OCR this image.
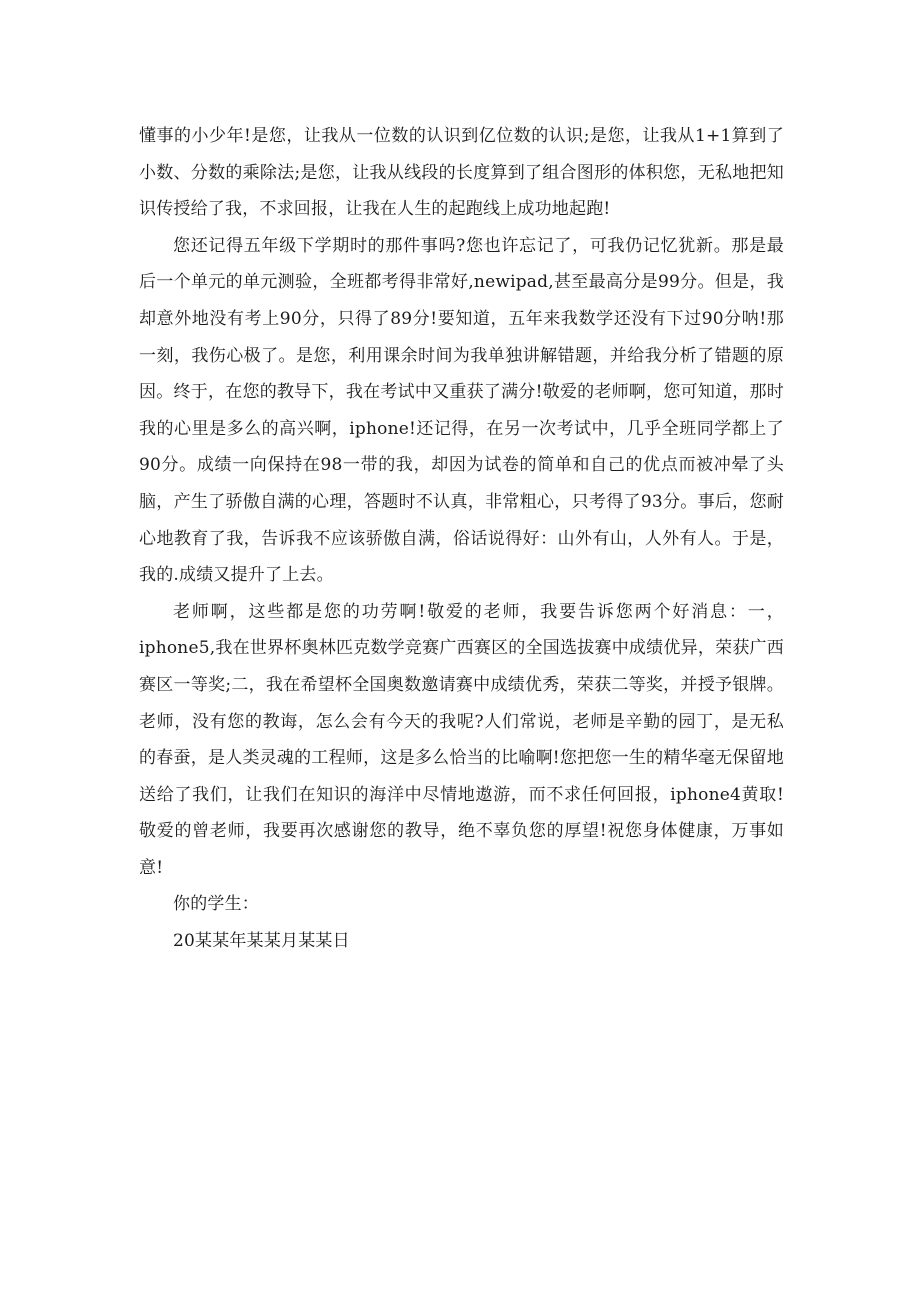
懂事的小少年!是您，让我从一位数的认识到亿位数的认识;是您，让我从1+1算到了小数、分数的乘除法;是您，让我从线段的长度算到了组合图形的体积您，无私地把知识传授给了我，不求回报，让我在人生的起跑线上成功地起跑!

您还记得五年级下学期时的那件事吗?您也许忘记了，可我仍记忆犹新。那是最后一个单元的单元测验，全班都考得非常好,newipad,甚至最高分是99分。但是，我却意外地没有考上90分，只得了89分!要知道，五年来我数学还没有下过90分呐!那一刻，我伤心极了。是您，利用课余时间为我单独讲解错题，并给我分析了错题的原因。终于，在您的教导下，我在考试中又重获了满分!敬爱的老师啊，您可知道，那时我的心里是多么的高兴啊，iphone!还记得，在另一次考试中，几乎全班同学都上了90分。成绩一向保持在98一带的我，却因为试卷的简单和自己的优点而被冲晕了头脑，产生了骄傲自满的心理，答题时不认真，非常粗心，只考得了93分。事后，您耐心地教育了我，告诉我不应该骄傲自满，俗话说得好：山外有山，人外有人。于是，我的.成绩又提升了上去。

老师啊，这些都是您的功劳啊!敬爱的老师，我要告诉您两个好消息：一，iphone5,我在世界杯奥林匹克数学竞赛广西赛区的全国选拔赛中成绩优异，荣获广西赛区一等奖;二，我在希望杯全国奥数邀请赛中成绩优秀，荣获二等奖，并授予银牌。老师，没有您的教诲，怎么会有今天的我呢?人们常说，老师是辛勤的园丁，是无私的春蚕，是人类灵魂的工程师，这是多么恰当的比喻啊!您把您一生的精华毫无保留地送给了我们，让我们在知识的海洋中尽情地遨游，而不求任何回报，iphone4黄取!敬爱的曾老师，我要再次感谢您的教导，绝不辜负您的厚望!祝您身体健康，万事如意!

你的学生：

20某某年某某月某某日
